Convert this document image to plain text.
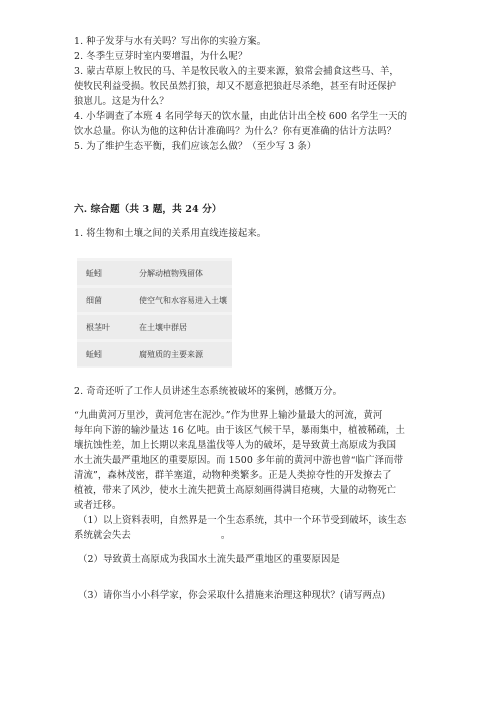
1. 种子发芽与水有关吗？写出你的实验方案。
2. 冬季生豆芽时室内要增温，为什么呢？
3. 蒙古草原上牧民的马、羊是牧民收入的主要来源，狼常会捕食这些马、羊，
使牧民利益受损。牧民虽然打狼，却又不愿意把狼赶尽杀绝，甚至有时还保护
狼崽儿。这是为什么？
4. 小华调查了本班 4 名同学每天的饮水量，由此估计出全校 600 名学生一天的
饮水总量。你认为他的这种估计准确吗？为什么？你有更准确的估计方法吗？
5. 为了维护生态平衡，我们应该怎么做？（至少写 3 条）
六. 综合题（共 3 题，共 24 分）
1. 将生物和土壤之间的关系用直线连接起来。
蚯蚓	分解动植物残留体
细菌	使空气和水容易进入土壤
根茎叶	在土壤中群居
蚯蚓	腐殖质的主要来源
2. 奇奇还听了工作人员讲述生态系统被破坏的案例，感慨万分。
“九曲黄河万里沙，黄河危害在泥沙。”作为世界上输沙量最大的河流，黄河
每年向下游的输沙量达 16 亿吨。由于该区气候干旱，暴雨集中，植被稀疏，土
壤抗蚀性差，加上长期以来乱垦滥伐等人为的破坏，是导致黄土高原成为我国
水土流失最严重地区的重要原因。而 1500 多年前的黄河中游也曾“临广泽而带
清流”，森林茂密，群羊塞道，动物种类繁多。正是人类掠夺性的开发撩去了
植被，带来了风沙，使水土流失把黄土高原刻画得满目疮痍，大量的动物死亡
或者迁移。
（1）以上资料表明，自然界是一个生态系统，其中一个环节受到破坏，该生态
系统就会失去	。
（2）导致黄土高原成为我国水土流失最严重地区的重要原因是
（3）请你当小小科学家，你会采取什么措施来治理这种现状？(请写两点)
